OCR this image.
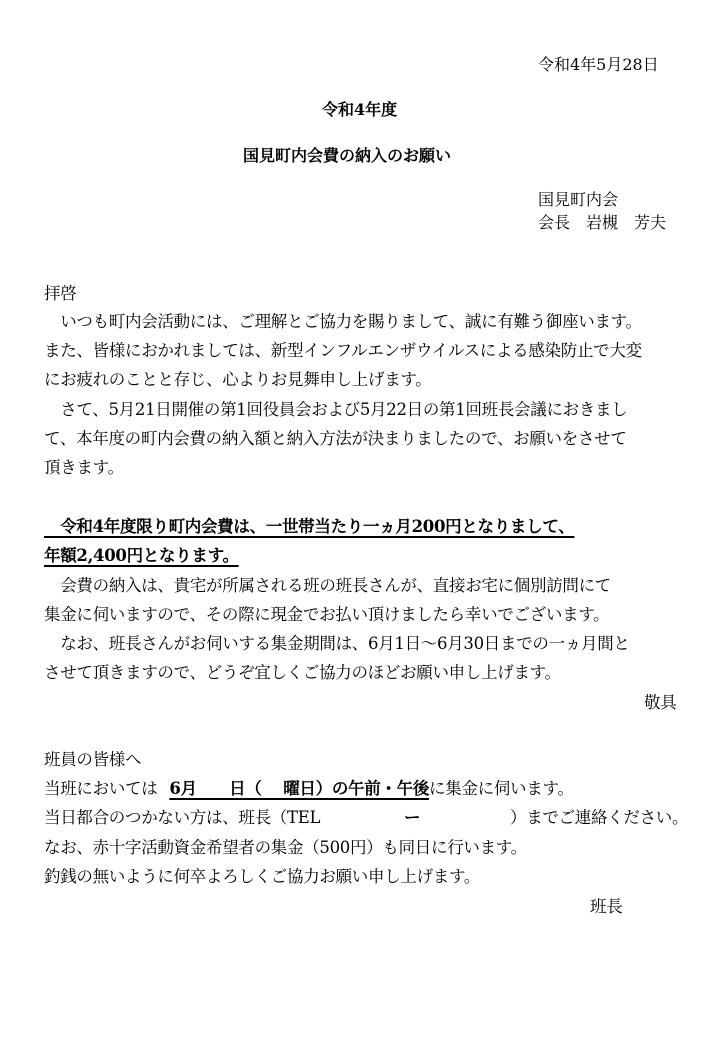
令和4年5月28日
令和4年度
国見町内会費の納入のお願い
国見町内会
会長　岩槻　芳夫
拝啓
　いつも町内会活動には、ご理解とご協力を賜りまして、誠に有難う御座います。
また、皆様におかれましては、新型インフルエンザウイルスによる感染防止で大変
にお疲れのことと存じ、心よりお見舞申し上げます。
　さて、5月21日開催の第1回役員会および5月22日の第1回班長会議におきまし
て、本年度の町内会費の納入額と納入方法が決まりましたので、お願いをさせて
頂きます。
　令和4年度限り町内会費は、一世帯当たり一ヵ月200円となりまして、
年額2,400円となります。
　会費の納入は、貴宅が所属される班の班長さんが、直接お宅に個別訪問にて
集金に伺いますので、その際に現金でお払い頂けましたら幸いでございます。
　なお、班長さんがお伺いする集金期間は、6月1日～6月30日までの一ヵ月間と
させて頂きますので、どうぞ宜しくご協力のほどお願い申し上げます。
敬具
班員の皆様へ
当班においては 6月　　日（　 曜日）の午前・午後に集金に伺います。
当日都合のつかない方は、班長（TEL	ー	）までご連絡ください。
なお、赤十字活動資金希望者の集金（500円）も同日に行います。
釣銭の無いように何卒よろしくご協力お願い申し上げます。
班長
